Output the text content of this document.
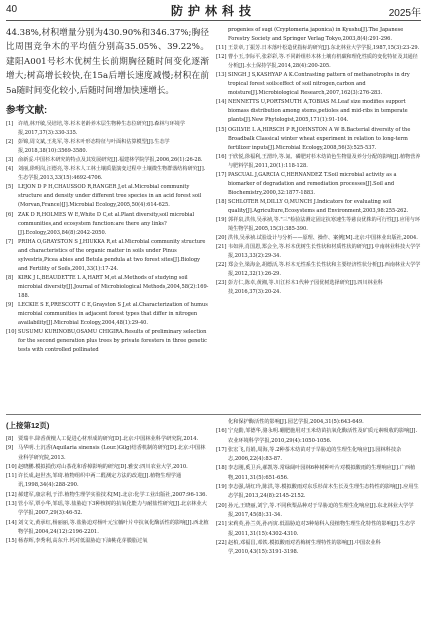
40	防护林科技	2025年
44.38%,材积增量分别为430.90%和346.37%;胸径比周围竞争木的平均值分别高35.05%、39.22%。建阳A001号杉木优树生长前期胸径随时间变化逐渐增大;树高增长较快,在15a后增长速度减慢;材积在前5a随时间变化较小,后随时间增加快速增长。
参考文献:
[1] 许靖,林开敏,吴培培,等.杉木老龄养木层生物种生态位研究[J].森林与环境学报,2017,37(3):330-335.
[2] 彭锦,周文斌,王兆军,等.杉木叶形态特征与叶面积估算模型[J].生态学报,2018,38(10):3569-3580.
[3] 俞新妥.中国杉木研究的特点及其发展研究[J].福建林学院学报,2006,26(1):26-28.
[4] 刘丽,徐明岗,汪德亮,等.杉木人工林土壤质量演变过程中土壤微生物群落结构研究[J].生态学报,2013,33(15):4692-4706.
[5] LEJON D P H,CHAUSSOD R,RANGER J,et al.Microbial community structure and density under different tree species in an acid forest soil (Morvan,France)[J].Microbial Ecology,2005,50(4):614-625.
[6] ZAK D R,HOLMES W E,White D C,et al.Plant diversity,soil microbial communities,and ecosystem function:are there any links?[J].Ecology,2003,84(8):2042-2050.
[7] PRIHA O,GRAYSTON S J,HIUKKA R,et al.Microbial community structure and characteristics of the organic matter in soils under Pinus sylvestris,Picea abies and Betula pendula at two forest sites[J].Biology and Fertility of Soils,2001,33(1):17-24.
[8] KIRK J L,BEAUDETTE L A,HART M,et al.Methods of studying soil microbial diversity[J].Journal of Microbiological Methods,2004,58(2):169-188.
[9] LECKIE S E,PRESCOTT C E,Grayston S J,et al.Characterization of humus microbial communities in adjacent forest types that differ in nitrogen availability[J].Microbial Ecology,2004,48(1):29-40.
[10] SUSUMU KURINOBU,OSAMU CHIGIRA.Results of preliminary selection for the second generation plus trees by private foresters in three genetic tests with controlled pollinated
progenies of sugi (Cryptomeria japonica) in Kyushu[J].The Japanese Forestry Society and Springer Verlag Tokyo,2003,8(4):291-296.
[11] 王景章,丁振芳.日本落叶松造优指标的研究[J].东北林业大学学报,1987,15(3):23-29.
[12] 曹小玉,李际平,张彩彩,等.不同龄组杉木林土壤有机碳和理化性质的变化特征及其通径分析[J].水土保持学报,2014,28(4):200-205.
[13] SINGH J S,KASHYAP A K.Contrasting pattern of methanotrophs in dry tropical forest soils:effect of soil nitrogen,carbon and moisture[J].Microbiological Research,2007,162(3):276-283.
[14] NENNETTS U,PORTSMUTH A,TOBIAS M.Leaf size modifies support biomass distribution among stems,petioles and mid-ribs in temperate plants[J].New Phytologist,2005,171(1):91-104.
[15] OGILVIE L A,HIRSCH P R,JOHNSTON A W B.Bacterial diversity of the Broadbalk Classical winter wheat experiment in relation to long-term fertilizer inputs[J].Microbial Ecology,2008,56(3):525-537.
[16] 于欣悦,徐福利,王渭玲,等.氮、磷肥对杉木幼苗色生物量及养分分配的影响[J].植物营养与肥料学报,2011,20(1):118-128.
[17] PASCUAL J,GARCIA C,HERNANDEZ T.Soil microbial activity as a biomarker of degradation and remediation processes[J].Soil and Biochemistry,2000,32:1877-1883.
[18] SCHLOTER M,DILLY O,MUNCH J.Indicators for evaluating soil quality[J].Agriculture,Ecosystems and Environment,2003,98:255-262.
[19] 郭祥泉,洪伟,吴承祯,等."三"检验法测定固定抗寒速生等慈良优株的可行性[J].应用与环境生物学报,2005,15(3):385-390.
[20] 洪伟,吴承祯.试验设计与分析——原理、操作、案例[M].北京:中国林业出版社,2004.
[21] 韦如萍,肖国恩,郑会全,等.杉木优树生长性状和材质性状的研究[J].中南林业科技大学学报,2013,33(2):29-34.
[22] 郑会全,梁海金,胡德活,等.杉木无性系生长性状和主要经济性状分析[J].西南林业大学学报,2012,32(1):26-29.
[23] 彭方仁,陈卓,黄湘,等.川江杉木1代种子园优树选择研究[J].四川林业科技,2016,37(3):20-24.
(上接第12页)
[8] 贾瑞丰.降香黄檀人工促进心材形成的研究[D].北京:中国林业科学研究院,2014.
[9] 马华明.土沉香(Aquilaria sinensis (Lour.)Gilg)结香机制的研究[D].北京:中国林业科学研究院,2013.
[10] 赵晓鹏.模拟损伤对山茶花和香樟影响的研究[D].雅安:四川农业大学,2010.
[11] 许长成,赵世杰,邹琦.植物组织中两二醛测定方法的改进[J].植物生理学通讯,1998,34(4):288-290.
[12] 郝建军,康宗利,于洋.植物生理学实验技术[M].北京:化学工业出版社,2007:96-136.
[13] 管小军,覃小华,邹瑶,等.盐胁迫下3种核树的抗氧化能力与耐盐性研究[J].北京林业大学学报,2007,29(3):46-52.
[14] 刘文文,黄承红,杨丽丽,等.盐胁迫对杨叶元宝槭叶片中抗氧化酶活性的影响[J].西北植物学报,2004,24(12):2196-2201.
[15] 杨春辉,李秀利,高东升.钙对低温胁迫下油桃花芽膜脂过氧
化和保护酶活性的影响[J].园艺学报,2004,31(5):643-649.
[16] 宁克勤,邹德华,骆永明.硼肥施用对玉米幼苗抗氧化酶活性及矿质元素吸收的影响[J].农业环境科学学报,2010,29(4):1050-1056.
[17] 张宏飞,肖娟,周海,等.2种茶木幼苗对于旱胁迫的生理生化响应[J].园林科技杂志,2006,22(4):83-87.
[18] 李志刚,奚卫兵,郝凯等.常绿阔叶园林6种树种叶片对模拟酸雨的生理响应[J].广西植物,2011,31(5):651-656.
[19] 李志强,胡红玲,陈洪,等.模拟酸雨对东乐杉苗木生长及生理生态特性的影响[J].应用生态学报,2013,24(8):2145-2152.
[20] 孙元,王晓丽,刘宁,等.不同秋梨品种对于旱胁迫的生理生化响应[J].东北林业大学学报,2017,45(8):31-34.
[21] 宋莉英,孙兰英,孙丙寅.低温胁迫对3种菊科入侵植物生理生化特性的影响[J].生态学报,2011,31(15):4302-4310.
[22] 赵柏,邓福昌,邓铁.模拟酸雨对若梅树生理特性的影响[J].中国农业科学,2010,43(15):3191-3198.
